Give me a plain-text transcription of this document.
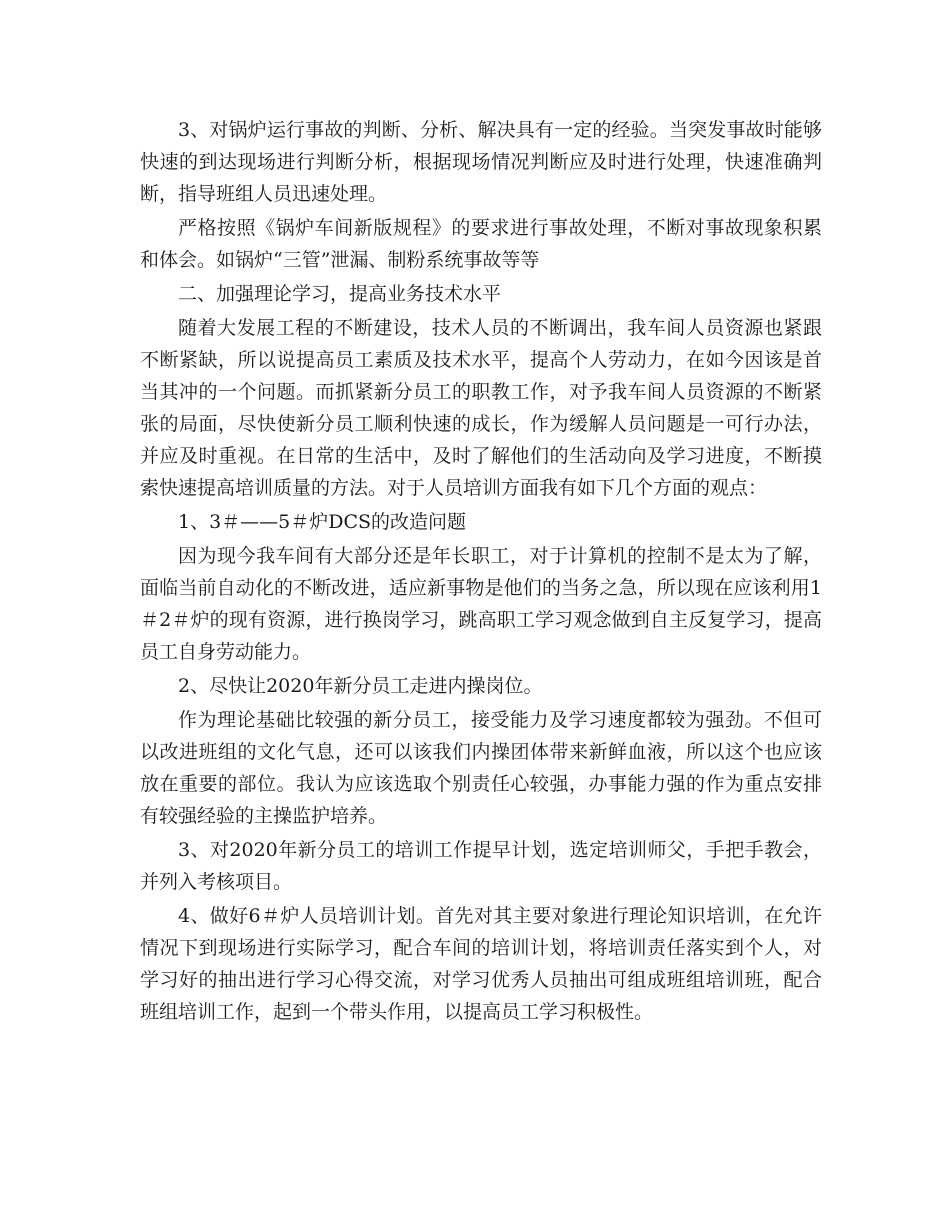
3、对锅炉运行事故的判断、分析、解决具有一定的经验。当突发事故时能够快速的到达现场进行判断分析，根据现场情况判断应及时进行处理，快速准确判断，指导班组人员迅速处理。

严格按照《锅炉车间新版规程》的要求进行事故处理，不断对事故现象积累和体会。如锅炉“三管”泄漏、制粉系统事故等等

二、加强理论学习，提高业务技术水平

随着大发展工程的不断建设，技术人员的不断调出，我车间人员资源也紧跟不断紧缺，所以说提高员工素质及技术水平，提高个人劳动力，在如今因该是首当其冲的一个问题。而抓紧新分员工的职教工作，对予我车间人员资源的不断紧张的局面，尽快使新分员工顺利快速的成长，作为缓解人员问题是一可行办法，并应及时重视。在日常的生活中，及时了解他们的生活动向及学习进度，不断摸索快速提高培训质量的方法。对于人员培训方面我有如下几个方面的观点：

1、3＃——5＃炉DCS的改造问题

因为现今我车间有大部分还是年长职工，对于计算机的控制不是太为了解，面临当前自动化的不断改进，适应新事物是他们的当务之急，所以现在应该利用1＃2＃炉的现有资源，进行换岗学习，跳高职工学习观念做到自主反复学习，提高员工自身劳动能力。

2、尽快让2020年新分员工走进内操岗位。

作为理论基础比较强的新分员工，接受能力及学习速度都较为强劲。不但可以改进班组的文化气息，还可以该我们内操团体带来新鲜血液，所以这个也应该放在重要的部位。我认为应该选取个别责任心较强，办事能力强的作为重点安排有较强经验的主操监护培养。

3、对2020年新分员工的培训工作提早计划，选定培训师父，手把手教会，并列入考核项目。

4、做好6＃炉人员培训计划。首先对其主要对象进行理论知识培训，在允许情况下到现场进行实际学习，配合车间的培训计划，将培训责任落实到个人，对学习好的抽出进行学习心得交流，对学习优秀人员抽出可组成班组培训班，配合班组培训工作，起到一个带头作用，以提高员工学习积极性。
